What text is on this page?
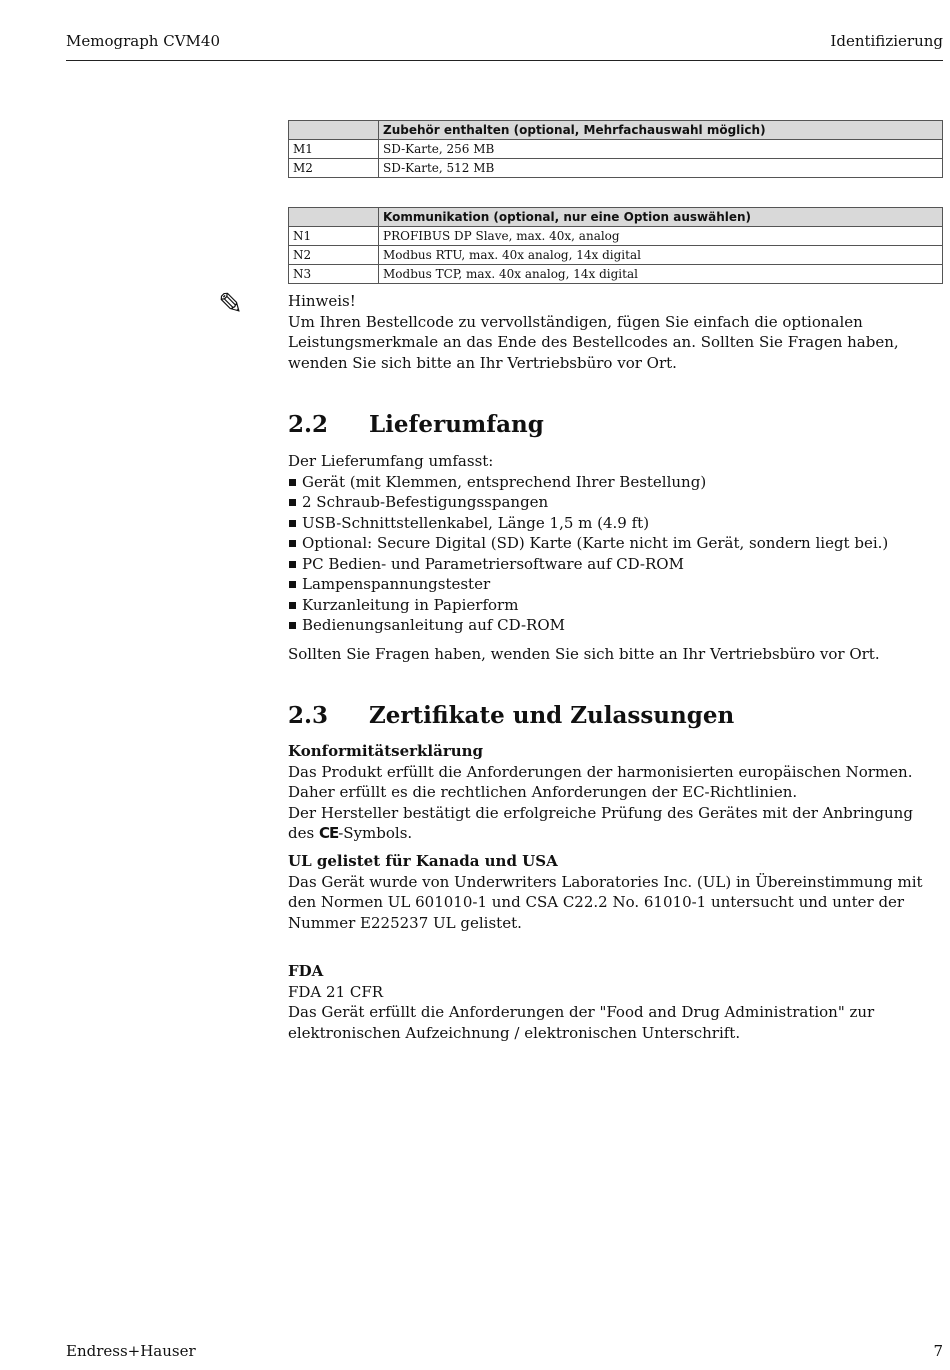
Memograph CVM40	Identifizierung
	Zubehör enthalten (optional, Mehrfachauswahl möglich)
M1	SD-Karte, 256 MB
M2	SD-Karte, 512 MB
	Kommunikation (optional, nur eine Option auswählen)
N1	PROFIBUS DP Slave, max. 40x, analog
N2	Modbus RTU, max. 40x analog, 14x digital
N3	Modbus TCP, max. 40x analog, 14x digital
✎	Hinweis!
Um Ihren Bestellcode zu vervollständigen, fügen Sie einfach die optionalen Leistungsmerkmale an das Ende des Bestellcodes an. Sollten Sie Fragen haben, wenden Sie sich bitte an Ihr Vertriebsbüro vor Ort.
2.2 Lieferumfang
Der Lieferumfang umfasst:
Gerät (mit Klemmen, entsprechend Ihrer Bestellung)
2 Schraub-Befestigungsspangen
USB-Schnittstellenkabel, Länge 1,5 m (4.9 ft)
Optional: Secure Digital (SD) Karte (Karte nicht im Gerät, sondern liegt bei.)
PC Bedien- und Parametriersoftware auf CD-ROM
Lampenspannungstester
Kurzanleitung in Papierform
Bedienungsanleitung auf CD-ROM
Sollten Sie Fragen haben, wenden Sie sich bitte an Ihr Vertriebsbüro vor Ort.
2.3 Zertifikate und Zulassungen
Konformitätserklärung
Das Produkt erfüllt die Anforderungen der harmonisierten europäischen Normen. Daher erfüllt es die rechtlichen Anforderungen der EC-Richtlinien.
Der Hersteller bestätigt die erfolgreiche Prüfung des Gerätes mit der Anbringung des CE-Symbols.
UL gelistet für Kanada und USA
Das Gerät wurde von Underwriters Laboratories Inc. (UL) in Übereinstimmung mit den Normen UL 601010-1 und CSA C22.2 No. 61010-1 untersucht und unter der Nummer E225237 UL gelistet.
FDA
FDA 21 CFR
Das Gerät erfüllt die Anforderungen der "Food and Drug Administration" zur elektronischen Aufzeichnung / elektronischen Unterschrift.
Endress+Hauser	7
